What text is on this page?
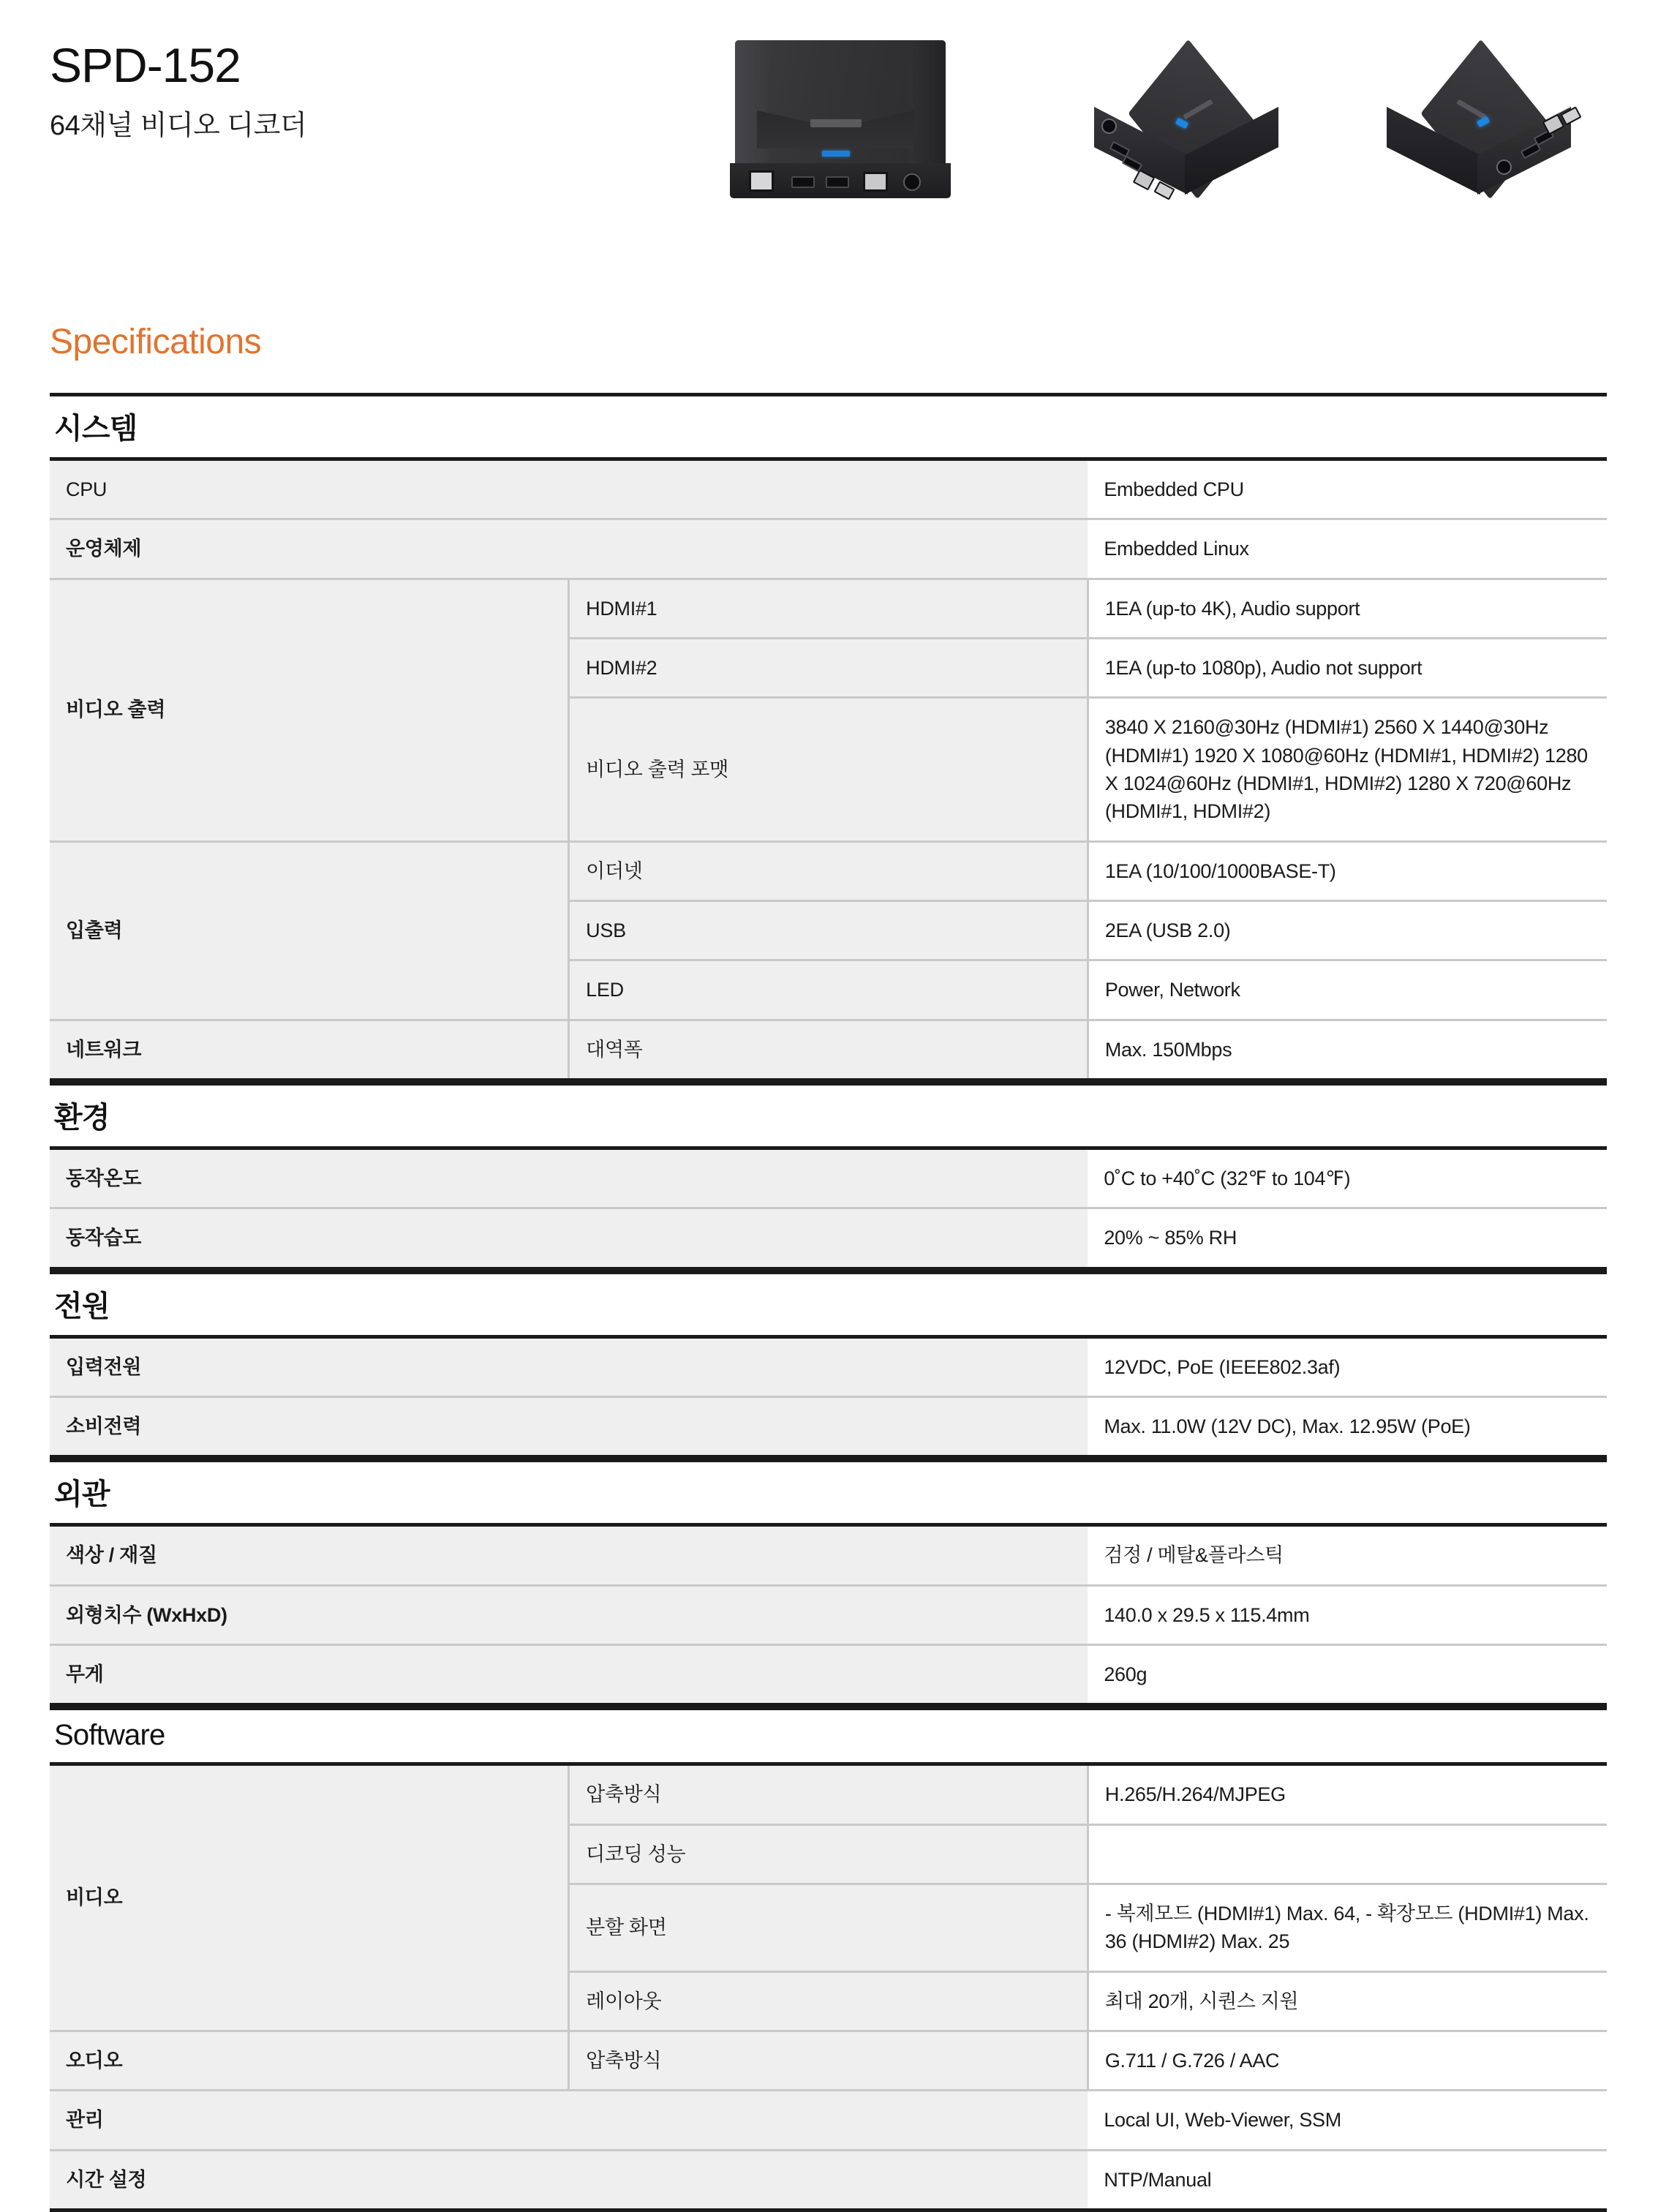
SPD-152
64채널 비디오 디코더
Specifications
시스템
CPU		Embedded CPU
운영체제		Embedded Linux
비디오 출력	HDMI#1	1EA (up-to 4K), Audio support
	HDMI#2	1EA (up-to 1080p), Audio not support
	비디오 출력 포맷	3840 X 2160@30Hz (HDMI#1) 2560 X 1440@30Hz (HDMI#1) 1920 X 1080@60Hz (HDMI#1, HDMI#2) 1280 X 1024@60Hz (HDMI#1, HDMI#2) 1280 X 720@60Hz (HDMI#1, HDMI#2)
입출력	이더넷	1EA (10/100/1000BASE-T)
	USB	2EA (USB 2.0)
	LED	Power, Network
네트워크	대역폭	Max. 150Mbps
환경
동작온도	0˚C to +40˚C (32℉ to 104℉)
동작습도	20% ~ 85% RH
전원
입력전원	12VDC, PoE (IEEE802.3af)
소비전력	Max. 11.0W (12V DC), Max. 12.95W (PoE)
외관
색상 / 재질	검정 / 메탈&플라스틱
외형치수 (WxHxD)	140.0 x 29.5 x 115.4mm
무게	260g
Software
비디오	압축방식	H.265/H.264/MJPEG
	디코딩 성능	
	분할 화면	- 복제모드 (HDMI#1) Max. 64, - 확장모드 (HDMI#1) Max. 36 (HDMI#2) Max. 25
	레이아웃	최대 20개, 시퀀스 지원
오디오	압축방식	G.711 / G.726 / AAC
관리		Local UI, Web-Viewer, SSM
시간 설정		NTP/Manual
